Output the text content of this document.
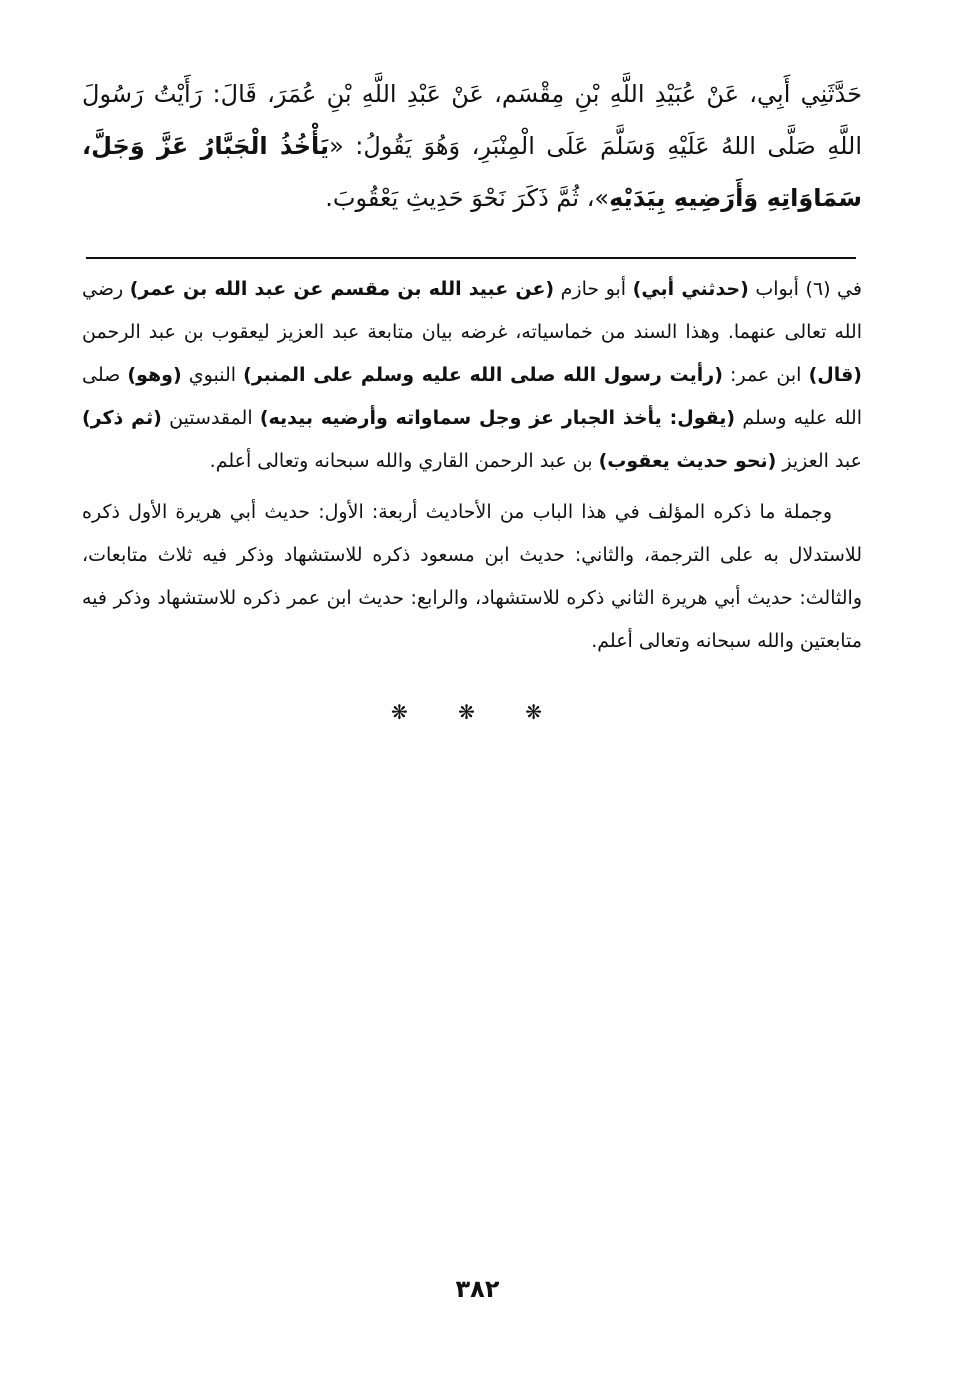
حَدَّثَنِي أَبِي، عَنْ عُبَيْدِ اللَّهِ بْنِ مِقْسَم، عَنْ عَبْدِ اللَّهِ بْنِ عُمَرَ، قَالَ: رَأَيْتُ رَسُولَ اللَّهِ صَلَّى اللهُ عَلَيْهِ وَسَلَّمَ عَلَى الْمِنْبَرِ، وَهُوَ يَقُولُ: «يَأْخُذُ الْجَبَّارُ عَزَّ وَجَلَّ، سَمَاوَاتِهِ وَأَرَضِيهِ بِيَدَيْهِ»، ثُمَّ ذَكَرَ نَحْوَ حَدِيثِ يَعْقُوبَ.

في (٦) أبواب (حدثني أبي) أبو حازم (عن عبيد الله بن مقسم عن عبد الله بن عمر) رضي الله تعالى عنهما. وهذا السند من خماسياته، غرضه بيان متابعة عبد العزيز ليعقوب بن عبد الرحمن (قال) ابن عمر: (رأيت رسول الله صلى الله عليه وسلم على المنبر) النبوي (وهو) صلى الله عليه وسلم (يقول: يأخذ الجبار عز وجل سماواته وأرضيه بيديه) المقدستين (ثم ذكر) عبد العزيز (نحو حديث يعقوب) بن عبد الرحمن القاري والله سبحانه وتعالى أعلم.

وجملة ما ذكره المؤلف في هذا الباب من الأحاديث أربعة: الأول: حديث أبي هريرة الأول ذكره للاستدلال به على الترجمة، والثاني: حديث ابن مسعود ذكره للاستشهاد وذكر فيه ثلاث متابعات، والثالث: حديث أبي هريرة الثاني ذكره للاستشهاد، والرابع: حديث ابن عمر ذكره للاستشهاد وذكر فيه متابعتين والله سبحانه وتعالى أعلم.

❋ ❋ ❋
٣٨٢
